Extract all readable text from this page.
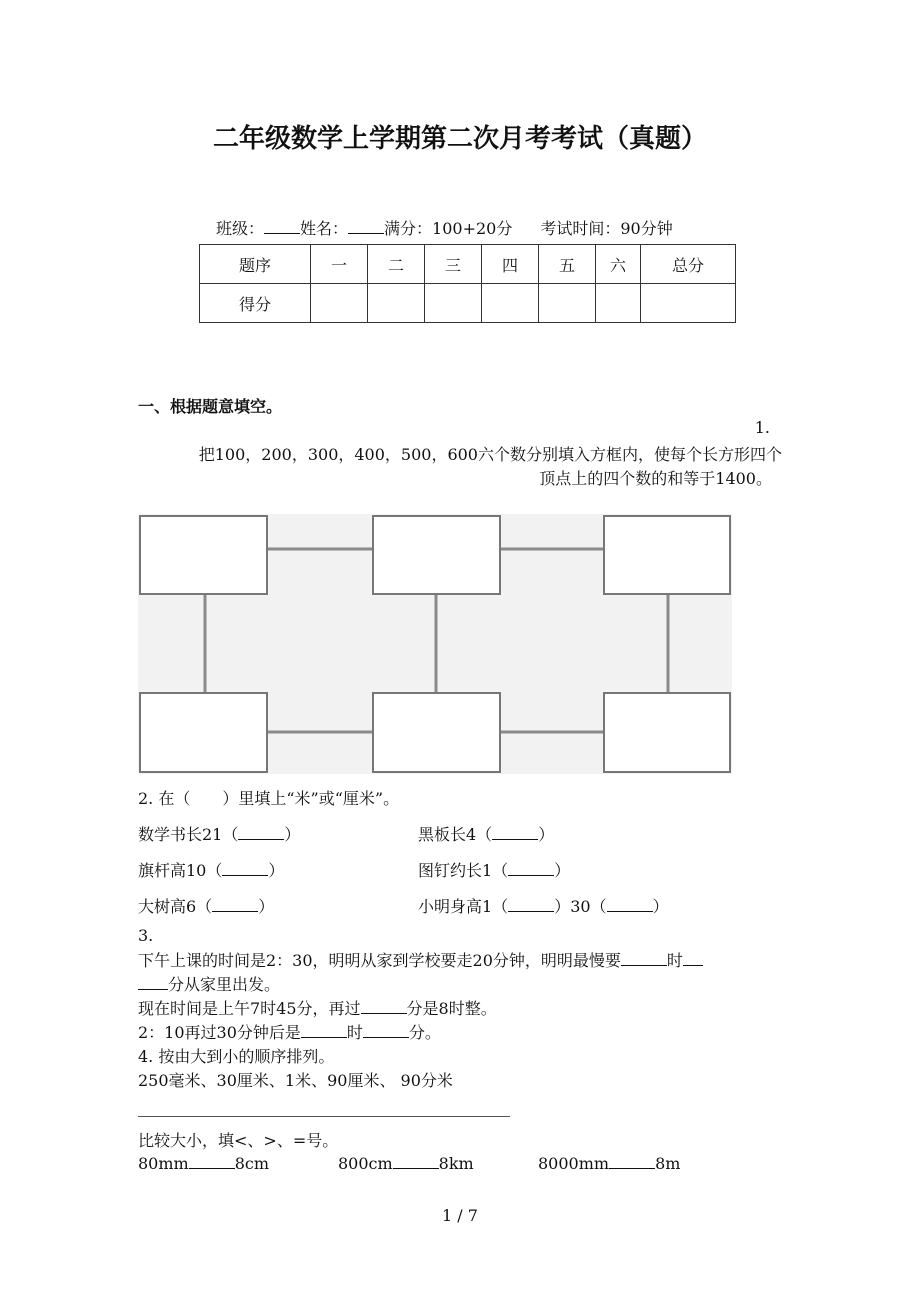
二年级数学上学期第二次月考考试（真题）
班级： 姓名： 满分：100+20分 考试时间：90分钟
题序	一	二	三	四	五	六	总分
得分							
一、根据题意填空。
1.
把100，200，300，400，500，600六个数分别填入方框内，使每个长方形四个
顶点上的四个数的和等于1400。
2. 在（　　）里填上“米”或“厘米”。
数学书长21（	）	黑板长4（	）
旗杆高10（	）	图钉约长1（	）
大树高6（	）	小明身高1（	）30（	）
3.
下午上课的时间是2：30，明明从家到学校要走20分钟，明明最慢要	时
分从家里出发。
现在时间是上午7时45分，再过	分是8时整。
2：10再过30分钟后是	时	分。
4. 按由大到小的顺序排列。
250毫米、30厘米、1米、90厘米、 90分米
比较大小，填<、>、=号。
80mm	8cm	800cm	8km	8000mm	8m
1 / 7
